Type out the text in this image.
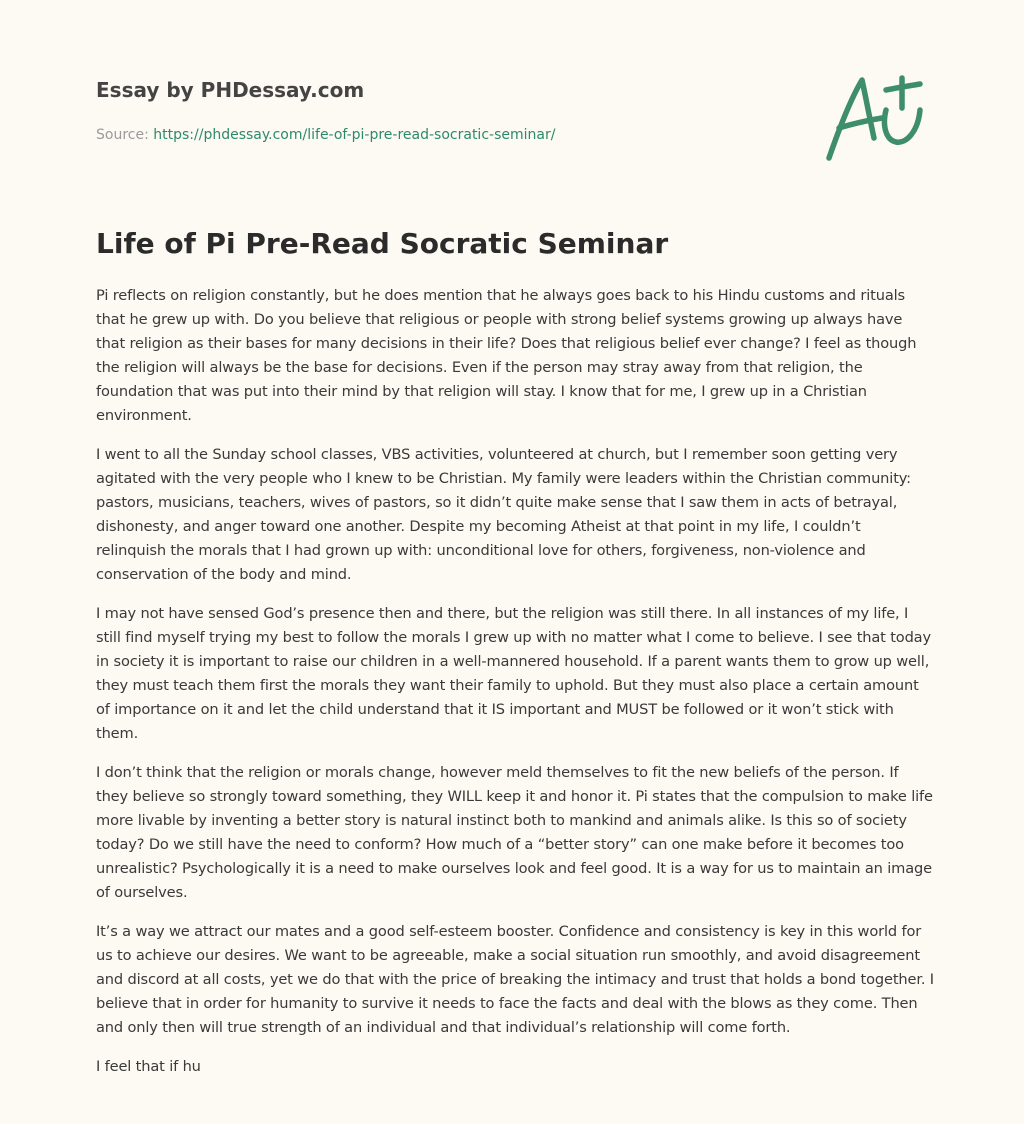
Essay by PHDessay.com
Source: https://phdessay.com/life-of-pi-pre-read-socratic-seminar/
Life of Pi Pre-Read Socratic Seminar

Pi reflects on religion constantly, but he does mention that he always goes back to his Hindu customs and rituals that he grew up with. Do you believe that religious or people with strong belief systems growing up always have that religion as their bases for many decisions in their life? Does that religious belief ever change? I feel as though the religion will always be the base for decisions. Even if the person may stray away from that religion, the foundation that was put into their mind by that religion will stay. I know that for me, I grew up in a Christian environment.

I went to all the Sunday school classes, VBS activities, volunteered at church, but I remember soon getting very agitated with the very people who I knew to be Christian. My family were leaders within the Christian community: pastors, musicians, teachers, wives of pastors, so it didn’t quite make sense that I saw them in acts of betrayal, dishonesty, and anger toward one another. Despite my becoming Atheist at that point in my life, I couldn’t relinquish the morals that I had grown up with: unconditional love for others, forgiveness, non-violence and conservation of the body and mind.

I may not have sensed God’s presence then and there, but the religion was still there. In all instances of my life, I still find myself trying my best to follow the morals I grew up with no matter what I come to believe. I see that today in society it is important to raise our children in a well-mannered household. If a parent wants them to grow up well, they must teach them first the morals they want their family to uphold. But they must also place a certain amount of importance on it and let the child understand that it IS important and MUST be followed or it won’t stick with them.

I don’t think that the religion or morals change, however meld themselves to fit the new beliefs of the person. If they believe so strongly toward something, they WILL keep it and honor it. Pi states that the compulsion to make life more livable by inventing a better story is natural instinct both to mankind and animals alike. Is this so of society today? Do we still have the need to conform? How much of a “better story” can one make before it becomes too unrealistic? Psychologically it is a need to make ourselves look and feel good. It is a way for us to maintain an image of ourselves.

It’s a way we attract our mates and a good self-esteem booster. Confidence and consistency is key in this world for us to achieve our desires. We want to be agreeable, make a social situation run smoothly, and avoid disagreement and discord at all costs, yet we do that with the price of breaking the intimacy and trust that holds a bond together. I believe that in order for humanity to survive it needs to face the facts and deal with the blows as they come. Then and only then will true strength of an individual and that individual’s relationship will come forth.

I feel that if hu
